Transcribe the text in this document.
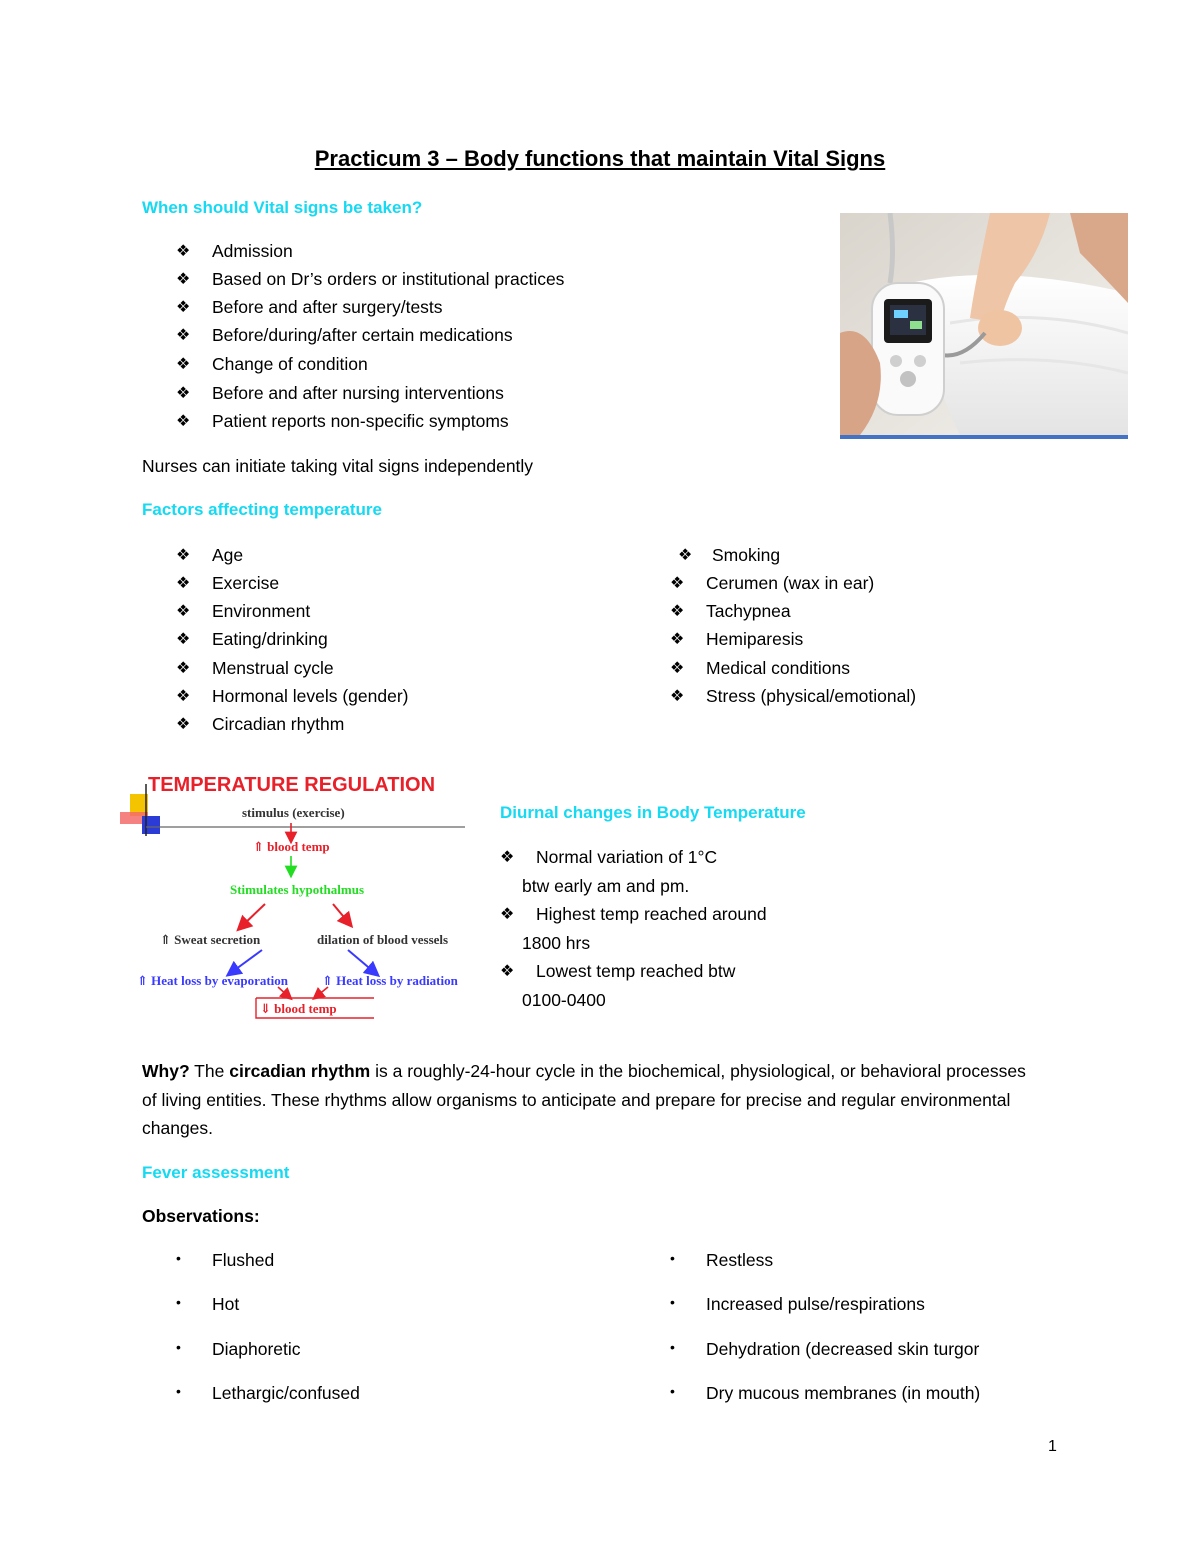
Practicum 3 – Body functions that maintain Vital Signs
When should Vital signs be taken?
❖ Admission
❖ Based on Dr’s orders or institutional practices
❖ Before and after surgery/tests
❖ Before/during/after certain medications
❖ Change of condition
❖ Before and after nursing interventions
❖ Patient reports non-specific symptoms
Nurses can initiate taking vital signs independently
Factors affecting temperature
❖ Age
❖ Exercise
❖ Environment
❖ Eating/drinking
❖ Menstrual cycle
❖ Hormonal levels (gender)
❖ Circadian rhythm
❖ Smoking
❖ Cerumen (wax in ear)
❖ Tachypnea
❖ Hemiparesis
❖ Medical conditions
❖ Stress (physical/emotional)
TEMPERATURE REGULATION
stimulus (exercise)
⇑ blood temp
Stimulates hypothalmus
⇑ Sweat secretion	dilation of blood vessels
⇑ Heat loss by evaporation	⇑ Heat loss by radiation
⇓ blood temp
Diurnal changes in Body Temperature
❖ Normal variation of 1°C
btw early am and pm.
❖ Highest temp reached around
1800 hrs
❖ Lowest temp reached btw
0100-0400
Why? The circadian rhythm is a roughly-24-hour cycle in the biochemical, physiological, or behavioral processes of living entities. These rhythms allow organisms to anticipate and prepare for precise and regular environmental changes.
Fever assessment
Observations:
• Flushed
• Hot
• Diaphoretic
• Lethargic/confused
• Restless
• Increased pulse/respirations
• Dehydration (decreased skin turgor
• Dry mucous membranes (in mouth)
1
